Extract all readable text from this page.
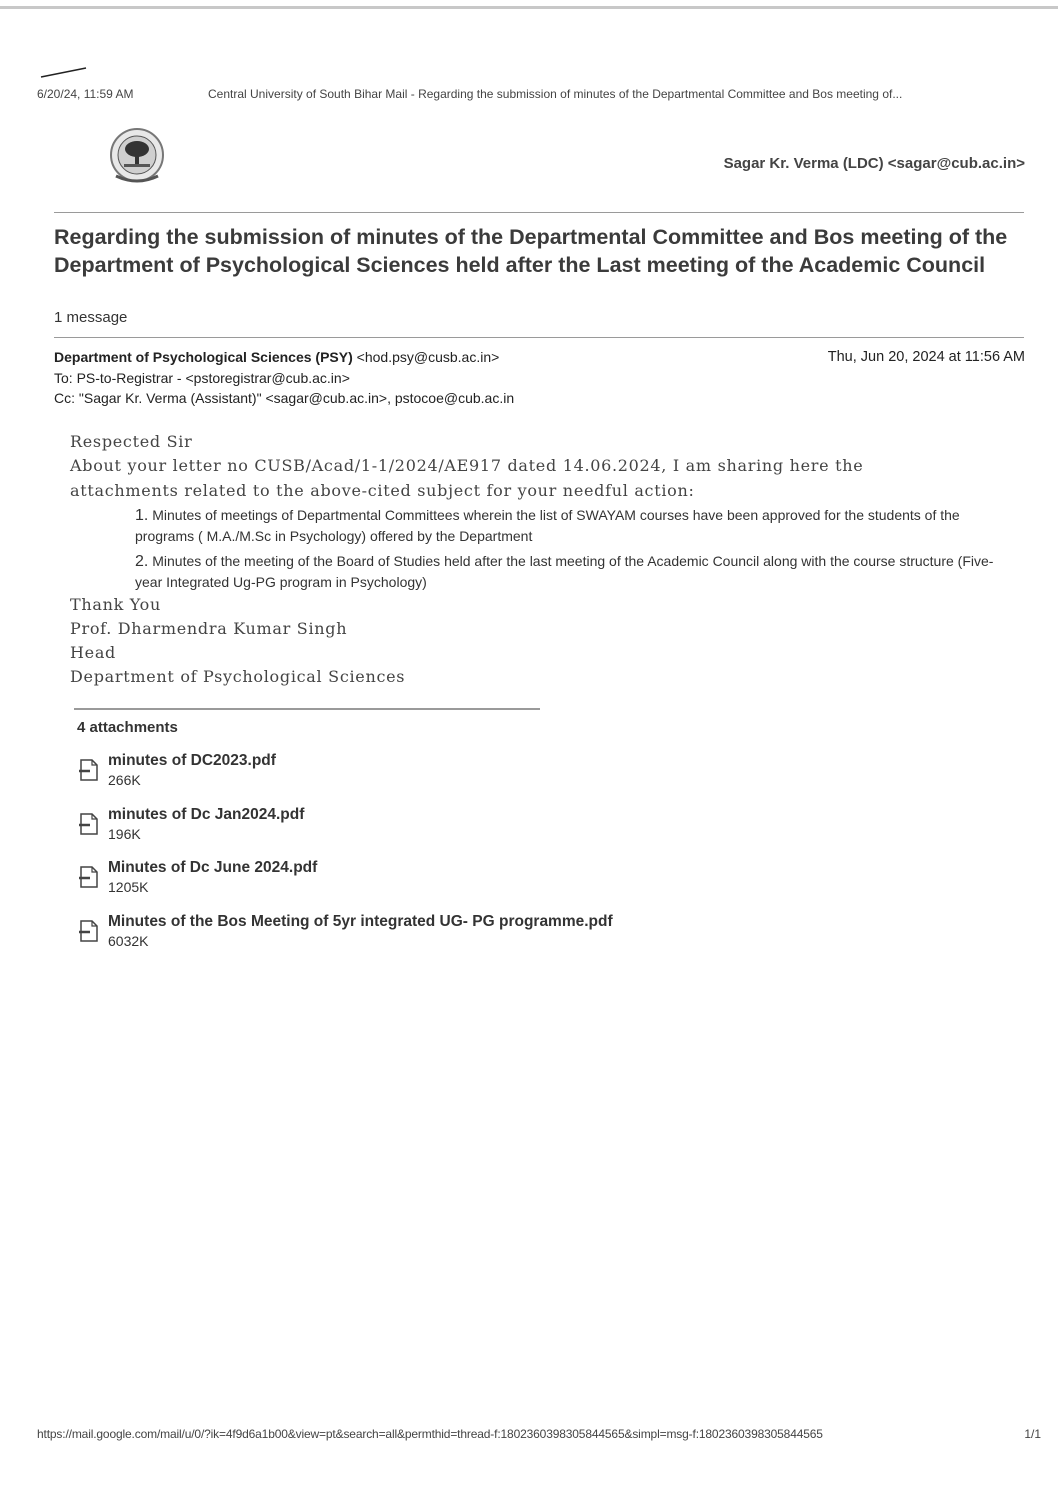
6/20/24, 11:59 AM	Central University of South Bihar Mail - Regarding the submission of minutes of the Departmental Committee and Bos meeting of...
Sagar Kr. Verma (LDC) <sagar@cub.ac.in>
Regarding the submission of minutes of the Departmental Committee and Bos meeting of the Department of Psychological Sciences held after the Last meeting of the Academic Council
1 message
Department of Psychological Sciences (PSY) <hod.psy@cusb.ac.in>	Thu, Jun 20, 2024 at 11:56 AM
To: PS-to-Registrar - <pstoregistrar@cub.ac.in>
Cc: "Sagar Kr. Verma (Assistant)" <sagar@cub.ac.in>, pstocoe@cub.ac.in
Respected Sir
About your letter no CUSB/Acad/1-1/2024/AE917 dated 14.06.2024, I am sharing here the
attachments related to the above-cited subject for your needful action:
1. Minutes of meetings of Departmental Committees wherein the list of SWAYAM courses have been approved for the students of the programs ( M.A./M.Sc in Psychology) offered by the Department
2. Minutes of the meeting of the Board of Studies held after the last meeting of the Academic Council along with the course structure (Five-year Integrated Ug-PG program in Psychology)
Thank You
Prof. Dharmendra Kumar Singh
Head
Department of Psychological Sciences
4 attachments
minutes of DC2023.pdf
266K
minutes of Dc Jan2024.pdf
196K
Minutes of Dc June 2024.pdf
1205K
Minutes of the Bos Meeting of 5yr integrated UG- PG programme.pdf
6032K
https://mail.google.com/mail/u/0/?ik=4f9d6a1b00&view=pt&search=all&permthid=thread-f:1802360398305844565&simpl=msg-f:1802360398305844565	1/1
